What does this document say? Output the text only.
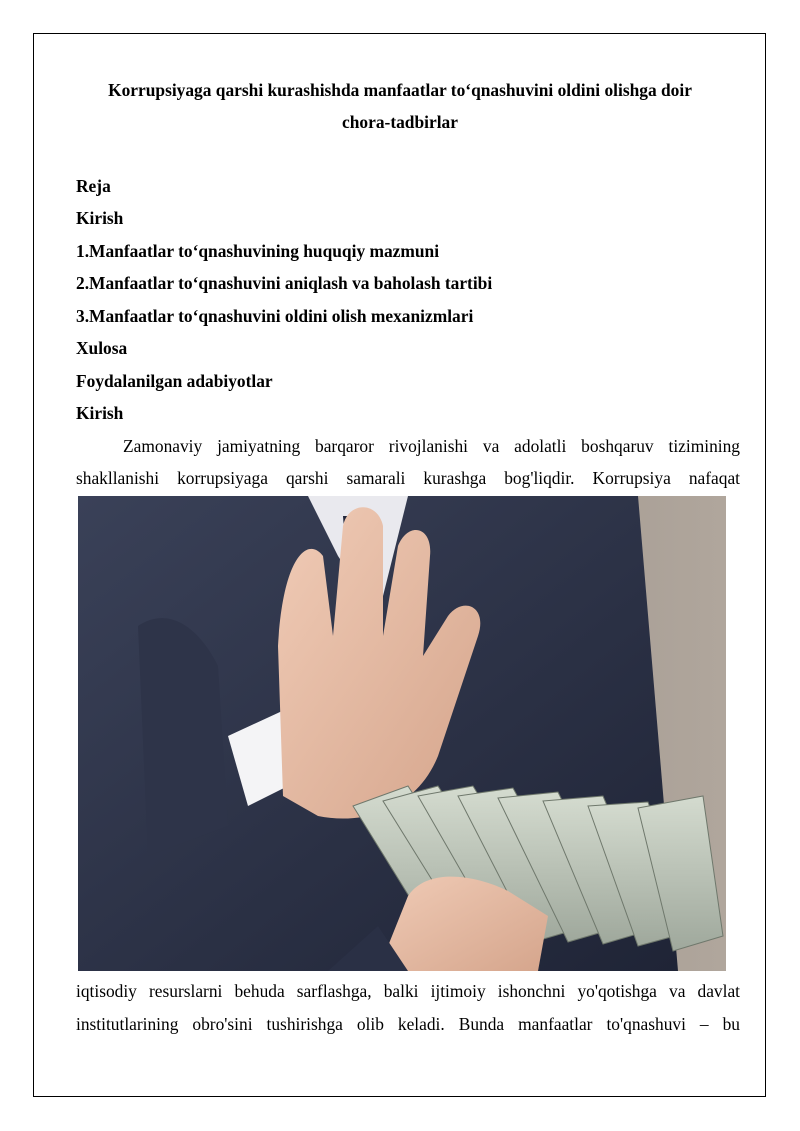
Korrupsiyaga qarshi kurashishda manfaatlar to‘qnashuvini oldini olishga doir
chora-tadbirlar
Reja
Kirish
1.Manfaatlar to‘qnashuvining huquqiy mazmuni
2.Manfaatlar to‘qnashuvini aniqlash va baholash tartibi
3.Manfaatlar to‘qnashuvini oldini olish mexanizmlari
Xulosa
Foydalanilgan adabiyotlar
Kirish
Zamonaviy jamiyatning barqaror rivojlanishi va adolatli boshqaruv tizimining
shakllanishi korrupsiyaga qarshi samarali kurashga bog'liqdir. Korrupsiya nafaqat
iqtisodiy resurslarni behuda sarflashga, balki ijtimoiy ishonchni yo'qotishga va davlat
institutlarining obro'sini tushirishga olib keladi. Bunda manfaatlar to'qnashuvi – bu
